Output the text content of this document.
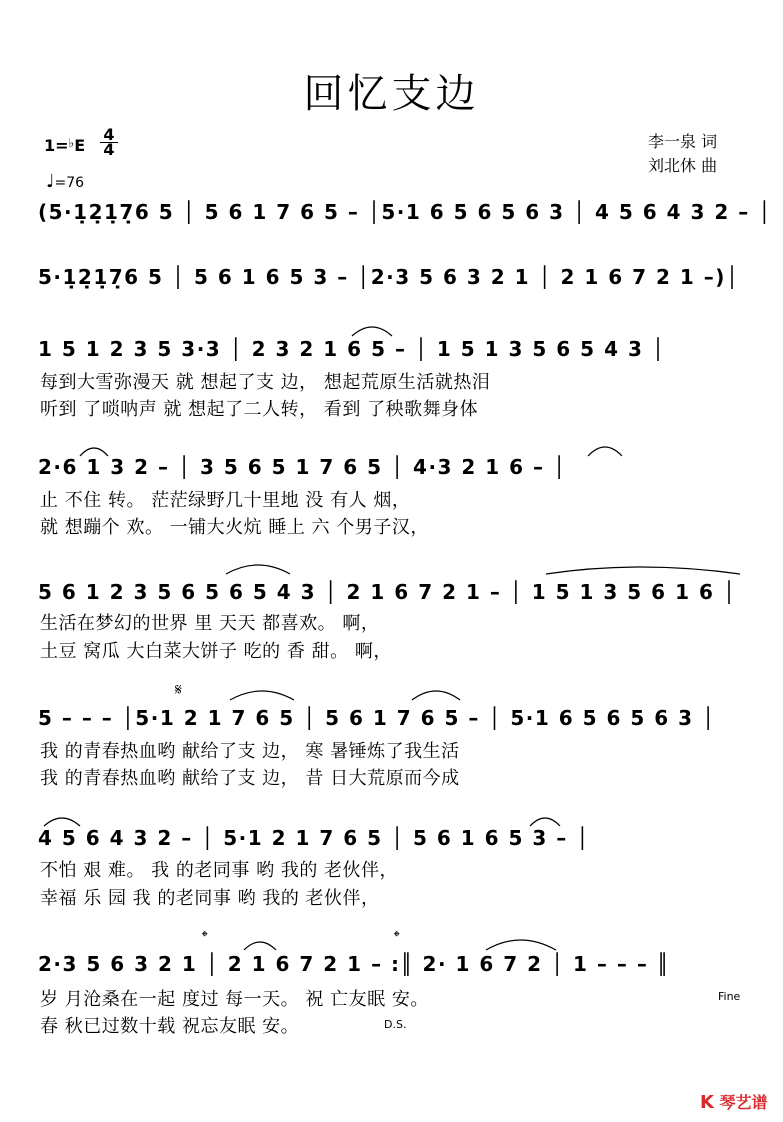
回忆支边
1=♭E
4
4
♩=76
李一泉 词
刘北休 曲
(5·1̣2̣1̣7̣6 5 │ 5 6 1 7 6 5 – │5·1 6 5 6 5 6 3 │ 4 5 6 4 3 2 – │
5·1̣2̣1̣7̣6 5 │ 5 6 1 6 5 3 – │2·3 5 6 3 2 1 │ 2 1 6 7 2 1 –)│
1 5 1 2 3 5 3·3 │ 2 3 2 1 6 5 – │ 1 5 1 3 5 6 5 4 3 │
每到大雪弥漫天 就 想起了支 边， 想起荒原生活就热泪
听到 了唢呐声 就 想起了二人转， 看到 了秧歌舞身体
2·6 1 3 2 – │ 3 5 6 5 1 7 6 5 │ 4·3 2 1 6 – │
止 不住 转。 茫茫绿野几十里地 没 有人 烟，
就 想蹦个 欢。 一铺大火炕 睡上 六 个男子汉，
5 6 1 2 3 5 6 5 6 5 4 3 │ 2 1 6 7 2 1 – │ 1 5 1 3 5 6 1 6 │
生活在梦幻的世界 里 天天 都喜欢。 啊，
土豆 窝瓜 大白菜大饼子 吃的 香 甜。 啊，
𝄋
5 – – – │5·1 2 1 7 6 5 │ 5 6 1 7 6 5 – │ 5·1 6 5 6 5 6 3 │
我 的青春热血哟 献给了支 边， 寒 暑锤炼了我生活
我 的青春热血哟 献给了支 边， 昔 日大荒原而今成
4 5 6 4 3 2 – │ 5·1 2 1 7 6 5 │ 5 6 1 6 5 3 – │
不怕 艰 难。 我 的老同事 哟 我的 老伙伴，
幸福 乐 园 我 的老同事 哟 我的 老伙伴，
𝄌	𝄌
2·3 5 6 3 2 1 │ 2 1 6 7 2 1 – :║ 2· 1 6 7 2 │ 1 – – – ║
岁 月沧桑在一起 度过 每一天。 祝 亡友眠 安。
春 秋已过数十载 祝忘友眠 安。
Fine
D.S.
K 琴艺谱
